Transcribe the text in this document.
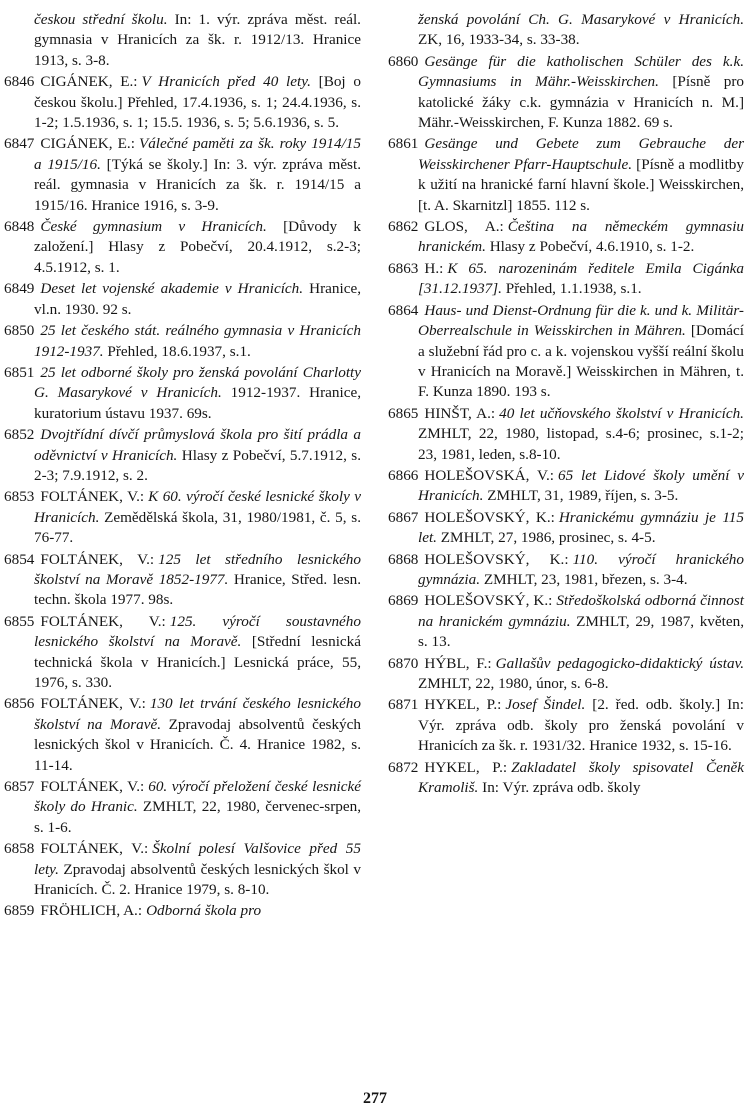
českou střední školu. In: 1. výr. zpráva měst. reál. gymnasia v Hranicích za šk. r. 1912/13. Hranice 1913, s. 3-8.
6846 CIGÁNEK, E.: V Hranicích před 40 lety. [Boj o českou školu.] Přehled, 17.4.1936, s. 1; 24.4.1936, s. 1-2; 1.5.1936, s. 1; 15.5. 1936, s. 5; 5.6.1936, s. 5.
6847 CIGÁNEK, E.: Válečné paměti za šk. roky 1914/15 a 1915/16. [Týká se školy.] In: 3. výr. zpráva měst. reál. gymnasia v Hranicích za šk. r. 1914/15 a 1915/16. Hranice 1916, s. 3-9.
6848 České gymnasium v Hranicích. [Důvody k založení.] Hlasy z Pobečví, 20.4.1912, s.2-3; 4.5.1912, s. 1.
6849 Deset let vojenské akademie v Hranicích. Hranice, vl.n. 1930. 92 s.
6850 25 let českého stát. reálného gymnasia v Hranicích 1912-1937. Přehled, 18.6.1937, s.1.
6851 25 let odborné školy pro ženská povolání Charlotty G. Masarykové v Hranicích. 1912-1937. Hranice, kuratorium ústavu 1937. 69s.
6852 Dvojtřídní dívčí průmyslová škola pro šití prádla a oděvnictví v Hranicích. Hlasy z Pobečví, 5.7.1912, s. 2-3; 7.9.1912, s. 2.
6853 FOLTÁNEK, V.: K 60. výročí české lesnické školy v Hranicích. Zemědělská škola, 31, 1980/1981, č. 5, s. 76-77.
6854 FOLTÁNEK, V.: 125 let středního lesnického školství na Moravě 1852-1977. Hranice, Střed. lesn. techn. škola 1977. 98s.
6855 FOLTÁNEK, V.: 125. výročí soustavného lesnického školství na Moravě. [Střední lesnická technická škola v Hranicích.] Lesnická práce, 55, 1976, s. 330.
6856 FOLTÁNEK, V.: 130 let trvání českého lesnického školství na Moravě. Zpravodaj absolventů českých lesnických škol v Hranicích. Č. 4. Hranice 1982, s. 11-14.
6857 FOLTÁNEK, V.: 60. výročí přeložení české lesnické školy do Hranic. ZMHLT, 22, 1980, červenec-srpen, s. 1-6.
6858 FOLTÁNEK, V.: Školní polesí Valšovice před 55 lety. Zpravodaj absolventů českých lesnických škol v Hranicích. Č. 2. Hranice 1979, s. 8-10.
6859 FRÖHLICH, A.: Odborná škola pro
ženská povolání Ch. G. Masarykové v Hranicích. ZK, 16, 1933-34, s. 33-38.
6860 Gesänge für die katholischen Schüler des k.k. Gymnasiums in Mähr.-Weisskirchen. [Písně pro katolické žáky c.k. gymnázia v Hranicích n. M.] Mähr.-Weisskirchen, F. Kunza 1882. 69 s.
6861 Gesänge und Gebete zum Gebrauche der Weisskirchener Pfarr-Hauptschule. [Písně a modlitby k užití na hranické farní hlavní škole.] Weisskirchen, [t. A. Skarnitzl] 1855. 112 s.
6862 GLOS, A.: Čeština na německém gymnasiu hranickém. Hlasy z Pobečví, 4.6.1910, s. 1-2.
6863 H.: K 65. narozeninám ředitele Emila Cigánka [31.12.1937]. Přehled, 1.1.1938, s.1.
6864 Haus- und Dienst-Ordnung für die k. und k. Militär-Oberrealschule in Weisskirchen in Mähren. [Domácí a služební řád pro c. a k. vojenskou vyšší reální školu v Hranicích na Moravě.] Weisskirchen in Mähren, t. F. Kunza 1890. 193 s.
6865 HINŠT, A.: 40 let učňovského školství v Hranicích. ZMHLT, 22, 1980, listopad, s.4-6; prosinec, s.1-2; 23, 1981, leden, s.8-10.
6866 HOLEŠOVSKÁ, V.: 65 let Lidové školy umění v Hranicích. ZMHLT, 31, 1989, říjen, s. 3-5.
6867 HOLEŠOVSKÝ, K.: Hranickému gymnáziu je 115 let. ZMHLT, 27, 1986, prosinec, s. 4-5.
6868 HOLEŠOVSKÝ, K.: 110. výročí hranického gymnázia. ZMHLT, 23, 1981, březen, s. 3-4.
6869 HOLEŠOVSKÝ, K.: Středoškolská odborná činnost na hranickém gymnáziu. ZMHLT, 29, 1987, květen, s. 13.
6870 HÝBL, F.: Gallašův pedagogicko-didaktický ústav. ZMHLT, 22, 1980, únor, s. 6-8.
6871 HYKEL, P.: Josef Šindel. [2. řed. odb. školy.] In: Výr. zpráva odb. školy pro ženská povolání v Hranicích za šk. r. 1931/32. Hranice 1932, s. 15-16.
6872 HYKEL, P.: Zakladatel školy spisovatel Čeněk Kramoliš. In: Výr. zpráva odb. školy
277
